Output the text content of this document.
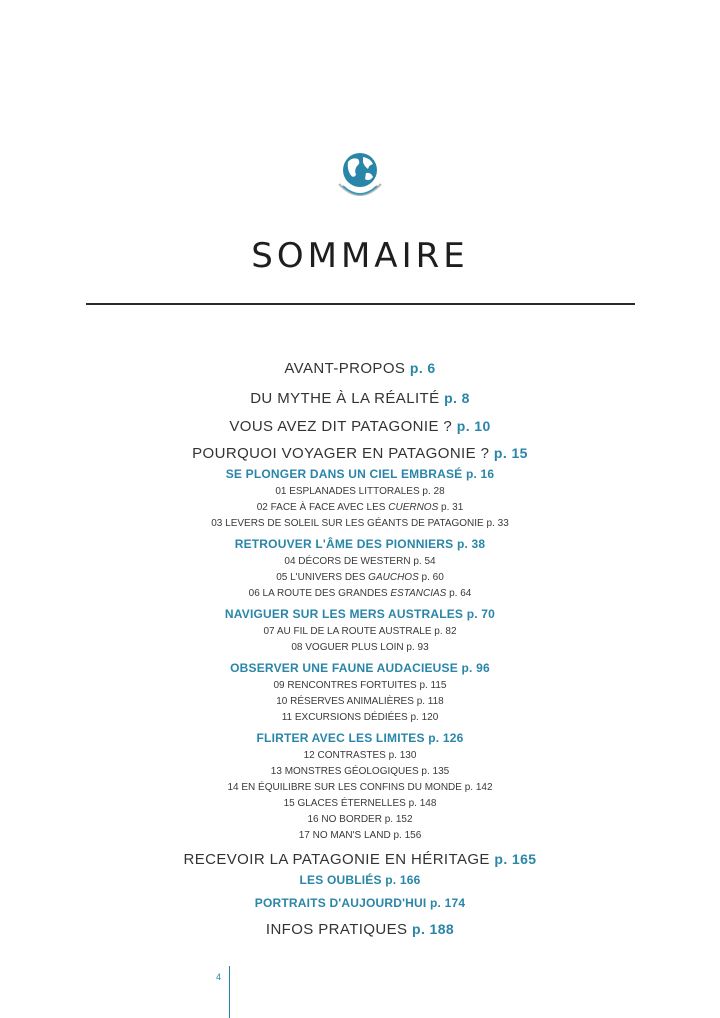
SOMMAIRE
AVANT-PROPOS p. 6
DU MYTHE À LA RÉALITÉ p. 8
VOUS AVEZ DIT PATAGONIE ? p. 10
POURQUOI VOYAGER EN PATAGONIE ? p. 15
SE PLONGER DANS UN CIEL EMBRASÉ p. 16
01 ESPLANADES LITTORALES p. 28
02 FACE À FACE AVEC LES CUERNOS p. 31
03 LEVERS DE SOLEIL SUR LES GÉANTS DE PATAGONIE p. 33
RETROUVER L'ÂME DES PIONNIERS p. 38
04 DÉCORS DE WESTERN p. 54
05 L'UNIVERS DES GAUCHOS p. 60
06 LA ROUTE DES GRANDES ESTANCIAS p. 64
NAVIGUER SUR LES MERS AUSTRALES p. 70
07 AU FIL DE LA ROUTE AUSTRALE p. 82
08 VOGUER PLUS LOIN p. 93
OBSERVER UNE FAUNE AUDACIEUSE p. 96
09 RENCONTRES FORTUITES p. 115
10 RÉSERVES ANIMALIÈRES p. 118
11 EXCURSIONS DÉDIÉES p. 120
FLIRTER AVEC LES LIMITES p. 126
12 CONTRASTES p. 130
13 MONSTRES GÉOLOGIQUES p. 135
14 EN ÉQUILIBRE SUR LES CONFINS DU MONDE p. 142
15 GLACES ÉTERNELLES p. 148
16 NO BORDER p. 152
17 NO MAN'S LAND p. 156
RECEVOIR LA PATAGONIE EN HÉRITAGE p. 165
LES OUBLIÉS p. 166
PORTRAITS D'AUJOURD'HUI p. 174
INFOS PRATIQUES p. 188
4
